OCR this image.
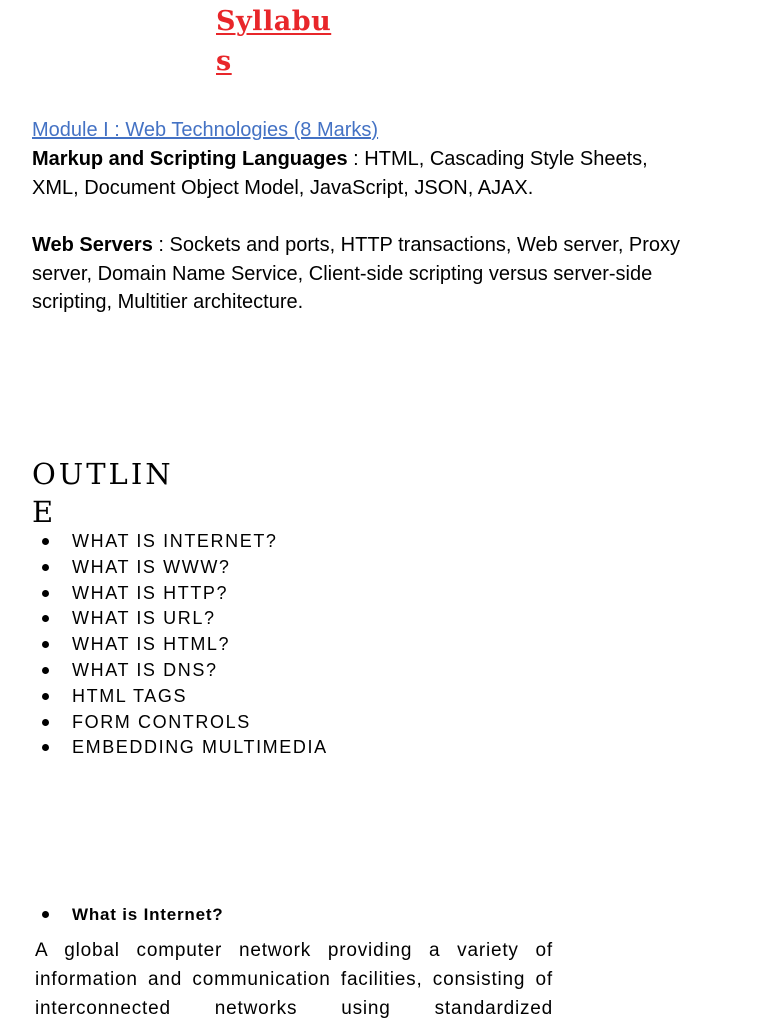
Syllabus
Module I : Web Technologies (8 Marks)
Markup and Scripting Languages : HTML, Cascading Style Sheets, XML, Document Object Model, JavaScript, JSON, AJAX.
Web Servers : Sockets and ports, HTTP transactions, Web server, Proxy server, Domain Name Service, Client-side scripting versus server-side scripting, Multitier architecture.
OUTLINE
WHAT IS INTERNET?
WHAT IS WWW?
WHAT IS HTTP?
WHAT IS URL?
WHAT IS HTML?
WHAT IS DNS?
HTML TAGS
FORM CONTROLS
EMBEDDING MULTIMEDIA
What is Internet?
A global computer network providing a variety of information and communication facilities, consisting of interconnected networks using standardized
